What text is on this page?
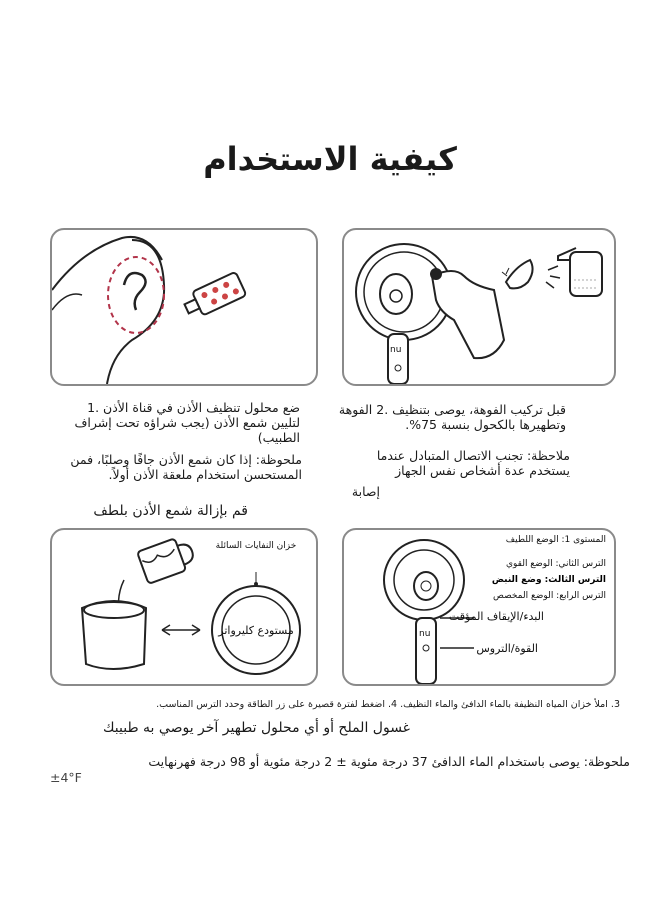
كيفية الاستخدام
nu
ضع محلول تنظيف الأذن في قناة الأذن .1 لتليين شمع الأذن (يجب شراؤه تحت إشراف الطبيب)
ملحوظة: إذا كان شمع الأذن جافًا وصلبًا، فمن المستحسن استخدام ملعقة الأذن أولاً.
قم بإزالة شمع الأذن بلطف
قبل تركيب الفوهة، يوصى بتنظيف .2 الفوهة وتطهيرها بالكحول بنسبة 75%.
ملاحظة: تجنب الاتصال المتبادل عندما يستخدم عدة أشخاص نفس الجهاز
إصابة
خزان النفايات السائلة
مستودع كليرواتر	nu
المستوى 1: الوضع اللطيف
الترس الثاني: الوضع القوي
الترس الثالث: وضع النبض
الترس الرابع: الوضع المخصص
البدء/الإيقاف المؤقت
القوة/التروس
3. املأ خزان المياه النظيفة بالماء الدافئ والماء النظيف. 4. اضغط لفترة قصيرة على زر الطاقة وحدد الترس المناسب.
غسول الملح أو أي محلول تطهير آخر يوصي به طبيبك
ملحوظة: يوصى باستخدام الماء الدافئ 37 درجة مئوية ± 2 درجة مئوية أو 98 درجة فهرنهايت
±4°F
